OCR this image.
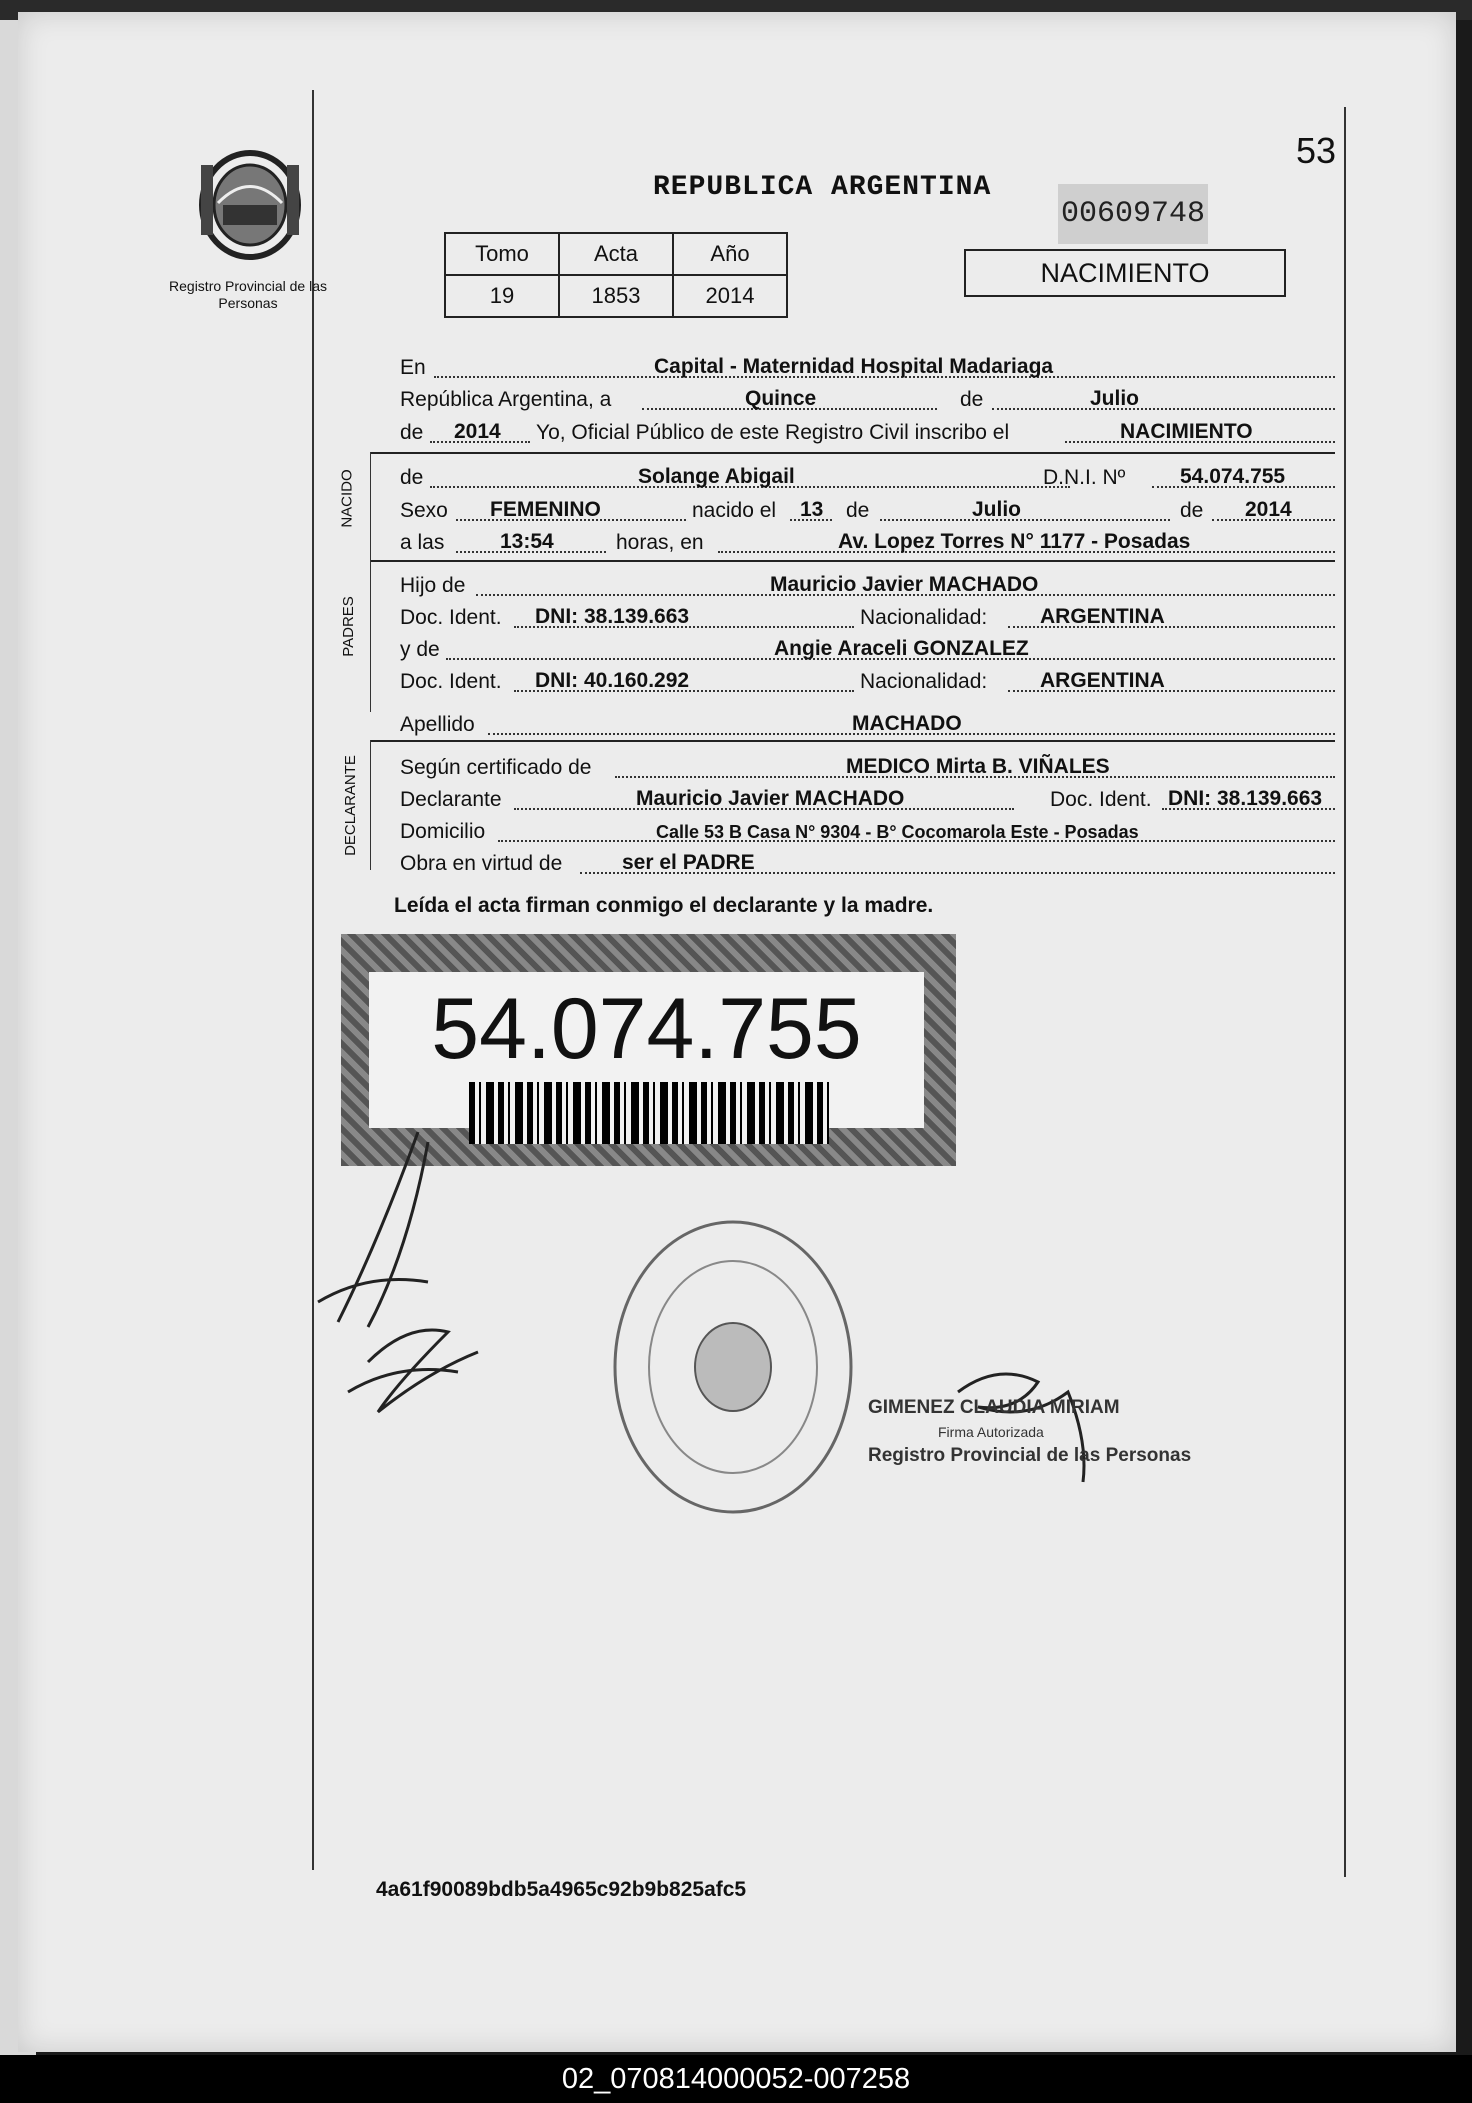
53
Registro Provincial de las Personas
REPUBLICA ARGENTINA
00609748
Tomo	Acta	Año
19	1853	2014
NACIMIENTO
NACIDO
PADRES
DECLARANTE
En	Capital - Maternidad Hospital Madariaga
República Argentina, a	Quince	de	Julio
de 2014 Yo, Oficial Público de este Registro Civil inscribo el	NACIMIENTO
de	Solange Abigail	D.N.I. Nº	54.074.755
Sexo FEMENINO	nacido el 13 de	Julio	de 2014
a las	13:54	horas, en	Av. Lopez Torres N° 1177 - Posadas
Hijo de	Mauricio Javier MACHADO
Doc. Ident. DNI: 38.139.663	Nacionalidad:	ARGENTINA
y de	Angie Araceli GONZALEZ
Doc. Ident. DNI: 40.160.292	Nacionalidad:	ARGENTINA
Apellido	MACHADO
Según certificado de	MEDICO Mirta B. VIÑALES
Declarante	Mauricio Javier MACHADO	Doc. Ident. DNI: 38.139.663
Domicilio	Calle 53 B Casa N° 9304 - B° Cocomarola Este - Posadas
Obra en virtud de	ser el PADRE
Leída el acta firman conmigo el declarante y la madre.
54.074.755
GIMENEZ CLAUDIA MIRIAM
Firma Autorizada
Registro Provincial de las Personas
4a61f90089bdb5a4965c92b9b825afc5
02_070814000052-007258
